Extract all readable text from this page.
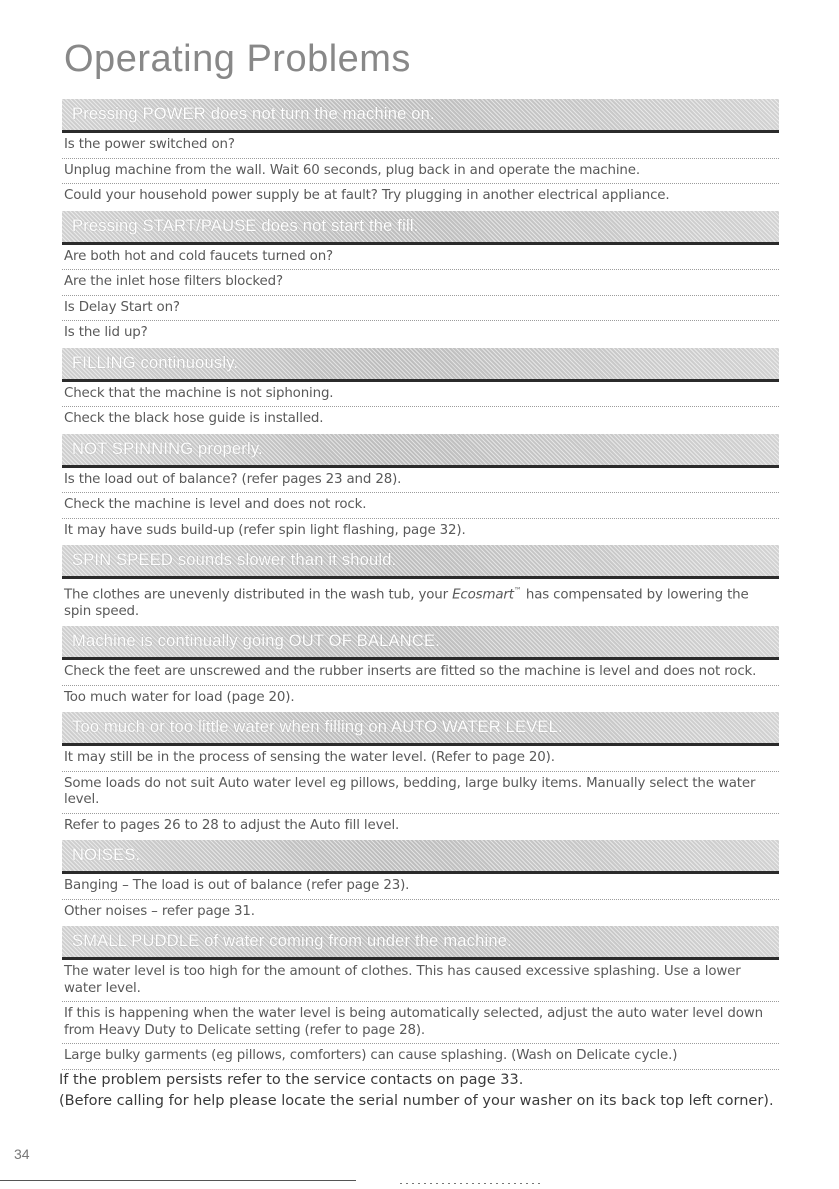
Operating Problems
Pressing POWER does not turn the machine on.
Is the power switched on?
Unplug machine from the wall. Wait 60 seconds, plug back in and operate the machine.
Could your household power supply be at fault? Try plugging in another electrical appliance.
Pressing START/PAUSE does not start the fill.
Are both hot and cold faucets turned on?
Are the inlet hose filters blocked?
Is Delay Start on?
Is the lid up?
FILLING continuously.
Check that the machine is not siphoning.
Check the black hose guide is installed.
NOT SPINNING properly.
Is the load out of balance? (refer pages 23 and 28).
Check the machine is level and does not rock.
It may have suds build-up (refer spin light flashing, page 32).
SPIN SPEED sounds slower than it should.
The clothes are unevenly distributed in the wash tub, your Ecosmart™ has compensated by lowering the spin speed.
Machine is continually going OUT OF BALANCE.
Check the feet are unscrewed and the rubber inserts are fitted so the machine is level and does not rock.
Too much water for load (page 20).
Too much or too little water when filling on AUTO WATER LEVEL.
It may still be in the process of sensing the water level. (Refer to page 20).
Some loads do not suit Auto water level eg pillows, bedding, large bulky items. Manually select the water level.
Refer to pages 26 to 28 to adjust the Auto fill level.
NOISES.
Banging – The load is out of balance (refer page 23).
Other noises – refer page 31.
SMALL PUDDLE of water coming from under the machine.
The water level is too high for the amount of clothes. This has caused excessive splashing. Use a lower water level.
If this is happening when the water level is being automatically selected, adjust the auto water level down from Heavy Duty to Delicate setting (refer to page 28).
Large bulky garments (eg pillows, comforters) can cause splashing. (Wash on Delicate cycle.)
If the problem persists refer to the service contacts on page 33.
(Before calling for help please locate the serial number of your washer on its back top left corner).
34
